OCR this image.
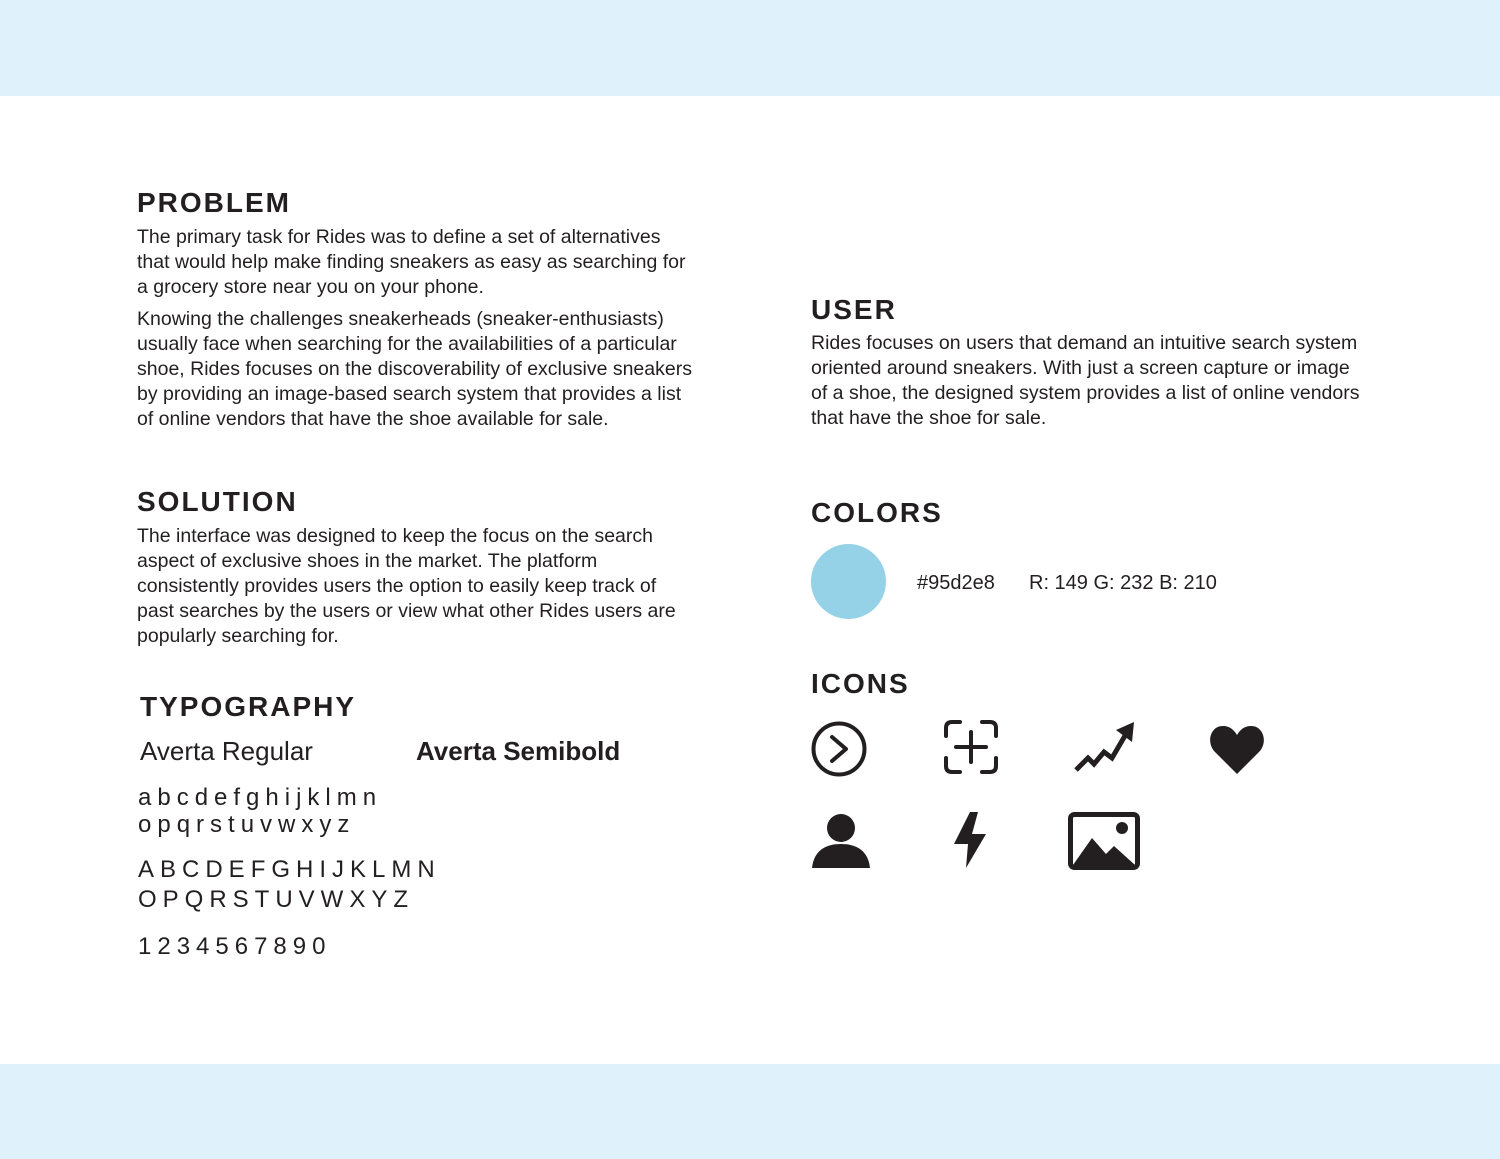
PROBLEM

The primary task for Rides was to define a set of alternatives that would help make finding sneakers as easy as searching for a grocery store near you on your phone.

Knowing the challenges sneakerheads (sneaker-enthusiasts) usually face when searching for the availabilities of a particular shoe, Rides focuses on the discoverability of exclusive sneakers by providing an image-based search system that provides a list of online vendors that have the shoe available for sale.

SOLUTION

The interface was designed to keep the focus on the search aspect of exclusive shoes in the market. The platform consistently provides users the option to easily keep track of past searches by the users or view what other Rides users are popularly searching for.

TYPOGRAPHY
Averta Regular	Averta Semibold

abcdefghijklmn

opqrstuvwxyz

ABCDEFGHIJKLMN

OPQRSTUVWXYZ

1234567890

USER

Rides focuses on users that demand an intuitive search system oriented around sneakers. With just a screen capture or image of a shoe, the designed system provides a list of online vendors that have the shoe for sale.

COLORS
#95d2e8 R: 149 G: 232 B: 210
ICONS
